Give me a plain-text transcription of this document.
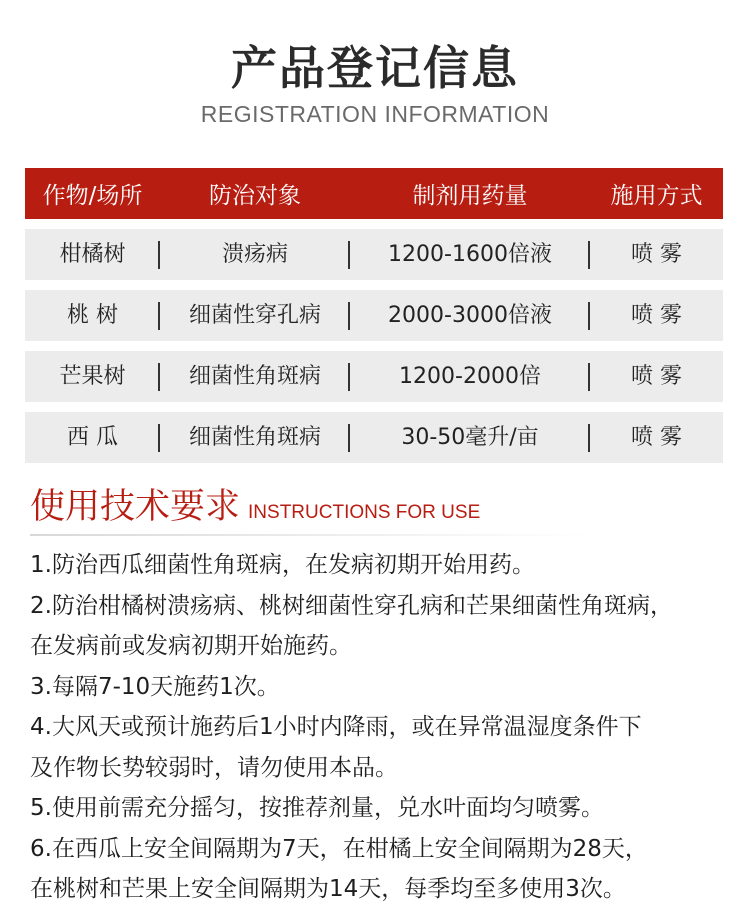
产品登记信息
REGISTRATION INFORMATION
作物/场所	防治对象	制剂用药量	施用方式
柑橘树	溃疡病	1200-1600倍液	喷 雾
桃 树	细菌性穿孔病	2000-3000倍液	喷 雾
芒果树	细菌性角斑病	1200-2000倍	喷 雾
西 瓜	细菌性角斑病	30-50毫升/亩	喷 雾
使用技术要求 INSTRUCTIONS FOR USE
1.防治西瓜细菌性角斑病，在发病初期开始用药。
2.防治柑橘树溃疡病、桃树细菌性穿孔病和芒果细菌性角斑病，
在发病前或发病初期开始施药。
3.每隔7-10天施药1次。
4.大风天或预计施药后1小时内降雨，或在异常温湿度条件下
及作物长势较弱时，请勿使用本品。
5.使用前需充分摇匀，按推荐剂量，兑水叶面均匀喷雾。
6.在西瓜上安全间隔期为7天，在柑橘上安全间隔期为28天，
在桃树和芒果上安全间隔期为14天，每季均至多使用3次。
